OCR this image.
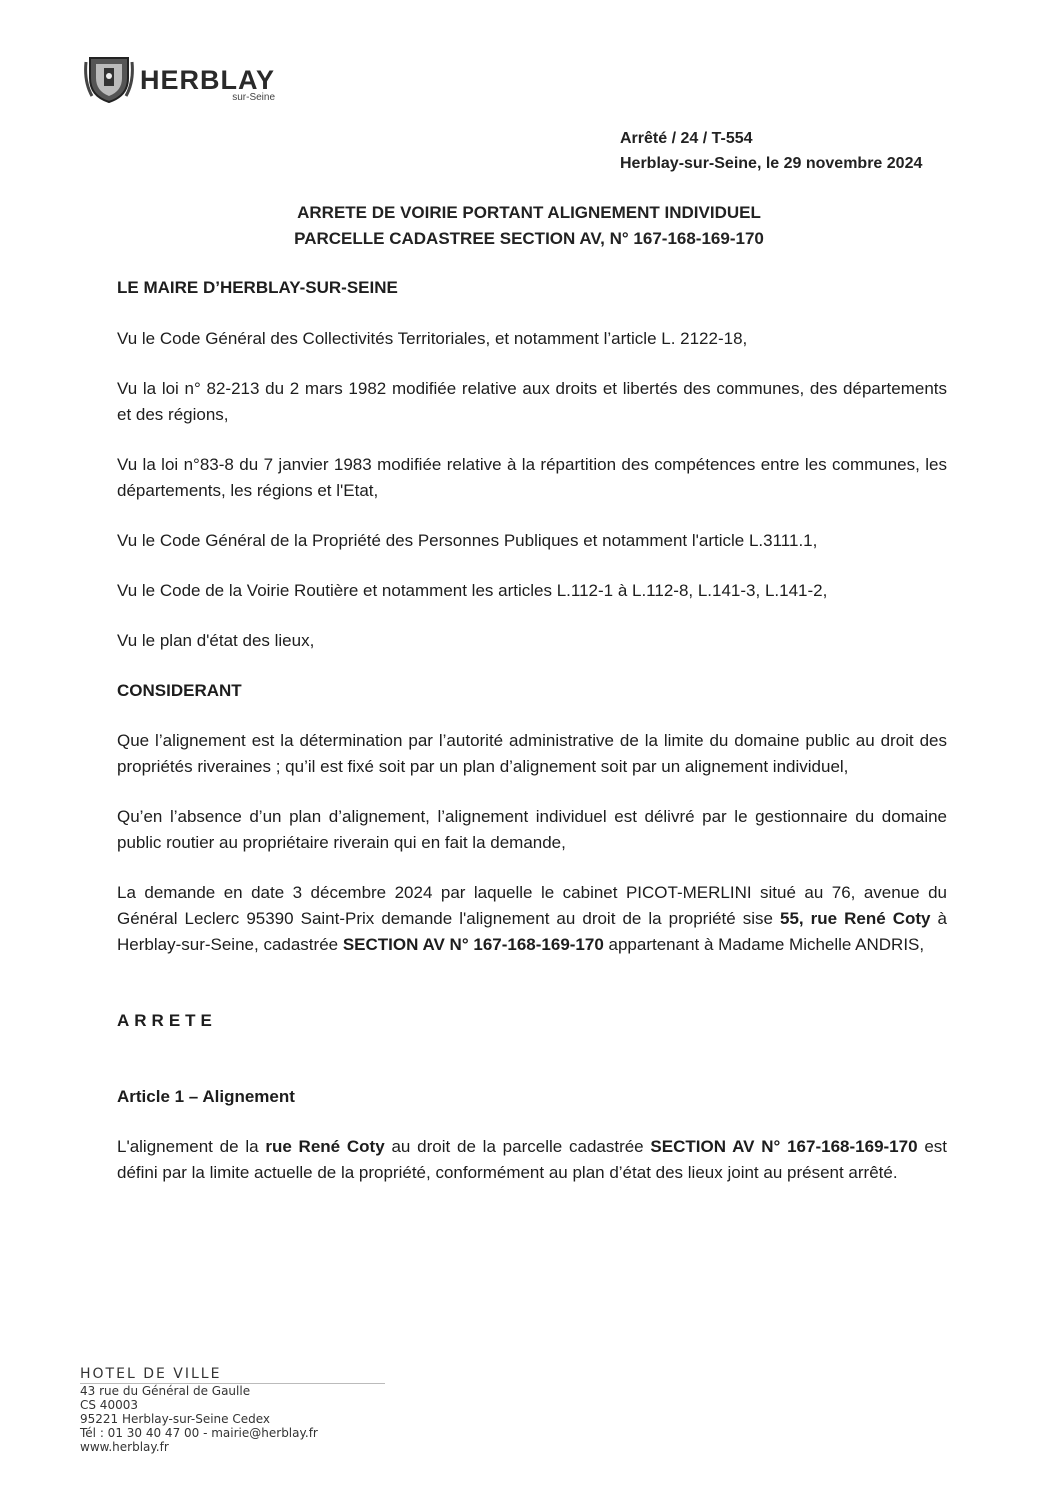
HERBLAY
sur-Seine
Arrêté / 24 / T-554
Herblay-sur-Seine, le 29 novembre 2024
ARRETE DE VOIRIE PORTANT ALIGNEMENT INDIVIDUEL
PARCELLE CADASTREE SECTION AV, N° 167-168-169-170

LE MAIRE D’HERBLAY-SUR-SEINE

Vu le Code Général des Collectivités Territoriales, et notamment l’article L. 2122-18,

Vu la loi n° 82-213 du 2 mars 1982 modifiée relative aux droits et libertés des communes, des départements et des régions,

Vu la loi n°83-8 du 7 janvier 1983 modifiée relative à la répartition des compétences entre les communes, les départements, les régions et l'Etat,

Vu le Code Général de la Propriété des Personnes Publiques et notamment l'article L.3111.1,

Vu le Code de la Voirie Routière et notamment les articles L.112-1 à L.112-8, L.141-3, L.141-2,

Vu le plan d'état des lieux,

CONSIDERANT

Que l’alignement est la détermination par l’autorité administrative de la limite du domaine public au droit des propriétés riveraines ; qu’il est fixé soit par un plan d’alignement soit par un alignement individuel,

Qu’en l’absence d’un plan d’alignement, l’alignement individuel est délivré par le gestionnaire du domaine public routier au propriétaire riverain qui en fait la demande,

La demande en date 3 décembre 2024 par laquelle le cabinet PICOT-MERLINI situé au 76, avenue du Général Leclerc 95390 Saint-Prix demande l'alignement au droit de la propriété sise 55, rue René Coty à Herblay-sur-Seine, cadastrée SECTION AV N° 167-168-169-170 appartenant à Madame Michelle ANDRIS,

ARRETE

Article 1 – Alignement

L'alignement de la rue René Coty au droit de la parcelle cadastrée SECTION AV N° 167-168-169-170 est défini par la limite actuelle de la propriété, conformément au plan d’état des lieux joint au présent arrêté.

HOTEL DE VILLE
43 rue du Général de Gaulle
CS 40003
95221 Herblay-sur-Seine Cedex
Tél : 01 30 40 47 00 - mairie@herblay.fr
www.herblay.fr
